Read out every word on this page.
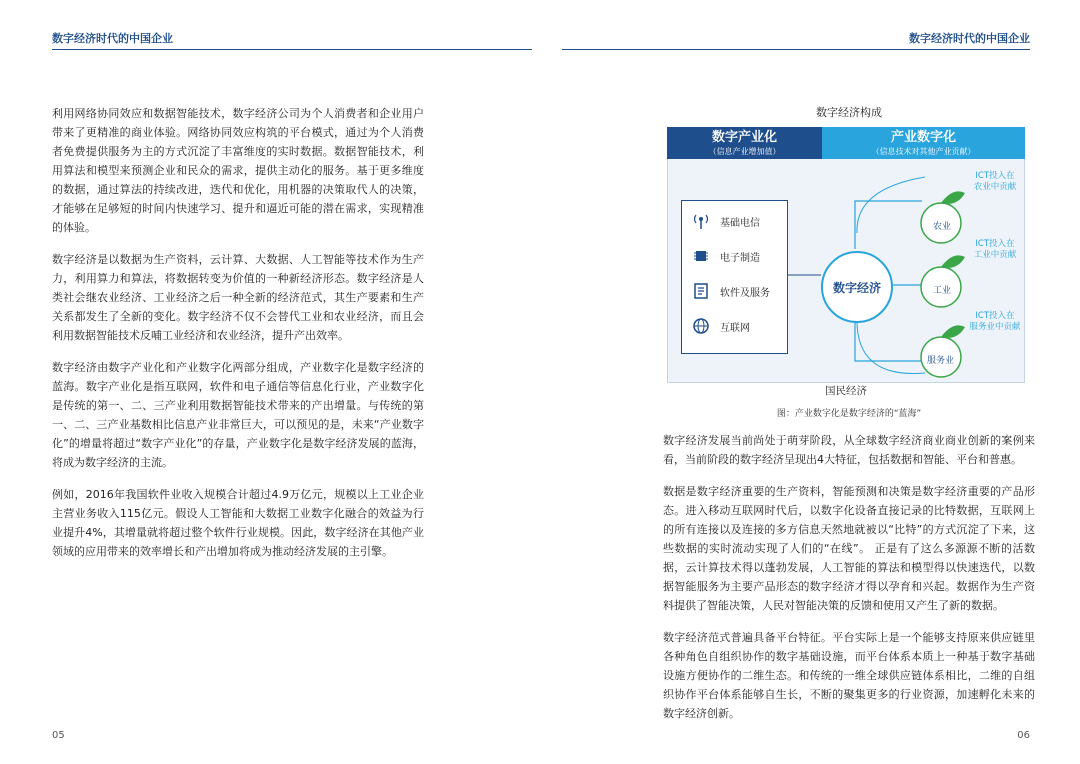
数字经济时代的中国企业	数字经济时代的中国企业

利用网络协同效应和数据智能技术，数字经济公司为个人消费者和企业用户带来了更精准的商业体验。网络协同效应构筑的平台模式，通过为个人消费者免费提供服务为主的方式沉淀了丰富维度的实时数据。数据智能技术，利用算法和模型来预测企业和民众的需求，提供主动化的服务。基于更多维度的数据，通过算法的持续改进，迭代和优化，用机器的决策取代人的决策，才能够在足够短的时间内快速学习、提升和逼近可能的潜在需求，实现精准的体验。

数字经济是以数据为生产资料，云计算、大数据、人工智能等技术作为生产力，利用算力和算法，将数据转变为价值的一种新经济形态。数字经济是人类社会继农业经济、工业经济之后一种全新的经济范式，其生产要素和生产关系都发生了全新的变化。数字经济不仅不会替代工业和农业经济，而且会利用数据智能技术反哺工业经济和农业经济，提升产出效率。

数字经济由数字产业化和产业数字化两部分组成，产业数字化是数字经济的蓝海。数字产业化是指互联网，软件和电子通信等信息化行业，产业数字化是传统的第一、二、三产业利用数据智能技术带来的产出增量。与传统的第一、二、三产业基数相比信息产业非常巨大，可以预见的是，未来“产业数字化”的增量将超过“数字产业化”的存量，产业数字化是数字经济发展的蓝海，将成为数字经济的主流。

例如，2016年我国软件业收入规模合计超过4.9万亿元，规模以上工业企业主营业务收入115亿元。假设人工智能和大数据工业数字化融合的效益为行业提升4%，其增量就将超过整个软件行业规模。因此，数字经济在其他产业领域的应用带来的效率增长和产出增加将成为推动经济发展的主引擎。

数字经济构成
数字产业化
（信息产业增加值）
产业数字化
（信息技术对其他产业贡献）
基础电信
电子制造
软件及服务
互联网
数字经济
ICT投入在
农业中贡献
ICT投入在
工业中贡献
ICT投入在
服务业中贡献
农业
工业
服务业
国民经济
图：产业数字化是数字经济的“蓝海”

数字经济发展当前尚处于萌芽阶段，从全球数字经济商业商业创新的案例来看，当前阶段的数字经济呈现出4大特征，包括数据和智能、平台和普惠。

数据是数字经济重要的生产资料，智能预测和决策是数字经济重要的产品形态。进入移动互联网时代后，以数字化设备直接记录的比特数据，互联网上的所有连接以及连接的多方信息天然地就被以“比特”的方式沉淀了下来，这些数据的实时流动实现了人们的“在线”。 正是有了这么多源源不断的活数据，云计算技术得以蓬勃发展，人工智能的算法和模型得以快速迭代，以数据智能服务为主要产品形态的数字经济才得以孕育和兴起。数据作为生产资料提供了智能决策，人民对智能决策的反馈和使用又产生了新的数据。

数字经济范式普遍具备平台特征。平台实际上是一个能够支持原来供应链里各种角色自组织协作的数字基础设施，而平台体系本质上一种基于数字基础设施方便协作的二维生态。和传统的一维全球供应链体系相比，二维的自组织协作平台体系能够自生长，不断的聚集更多的行业资源，加速孵化未来的数字经济创新。

05	06
